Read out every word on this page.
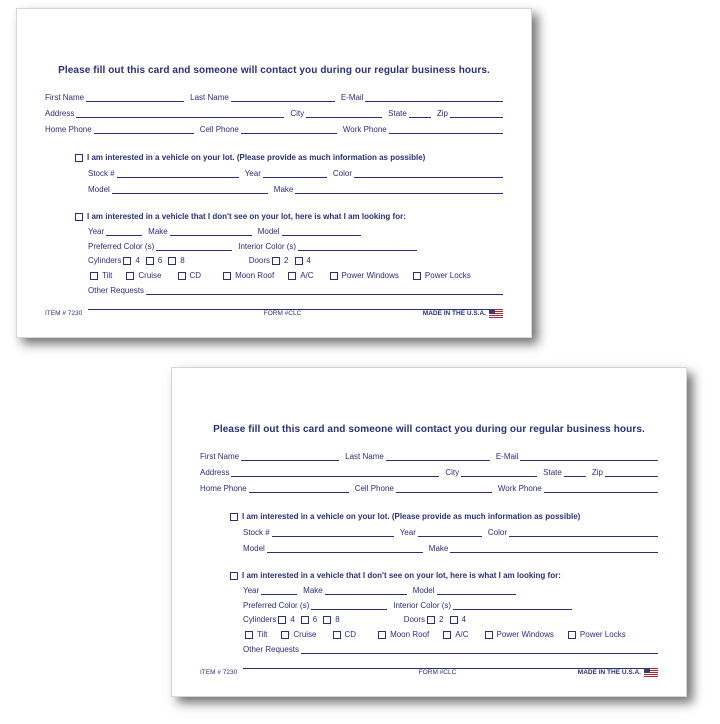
Please fill out this card and someone will contact you during our regular business hours.
First Name	Last Name	E-Mail
Address	City	State	Zip
Home Phone	Cell Phone	Work Phone
I am interested in a vehicle on your lot. (Please provide as much information as possible)
Stock #	Year	Color
Model	Make
I am interested in a vehicle that I don't see on your lot, here is what I am looking for:
Year	Make	Model
Preferred Color (s)	Interior Color (s)
Cylinders 4 6 8	Doors 2 4
Tilt	Cruise	CD	Moon Roof	A/C	Power Windows	Power Locks
Other Requests
ITEM # 7230	FORM #CLC	MADE IN THE U.S.A.
Please fill out this card and someone will contact you during our regular business hours.
First Name	Last Name	E-Mail
Address	City	State	Zip
Home Phone	Cell Phone	Work Phone
I am interested in a vehicle on your lot. (Please provide as much information as possible)
Stock #	Year	Color
Model	Make
I am interested in a vehicle that I don't see on your lot, here is what I am looking for:
Year	Make	Model
Preferred Color (s)	Interior Color (s)
Cylinders 4 6 8	Doors 2 4
Tilt	Cruise	CD	Moon Roof	A/C	Power Windows	Power Locks
Other Requests
ITEM # 7230	FORM #CLC	MADE IN THE U.S.A.
